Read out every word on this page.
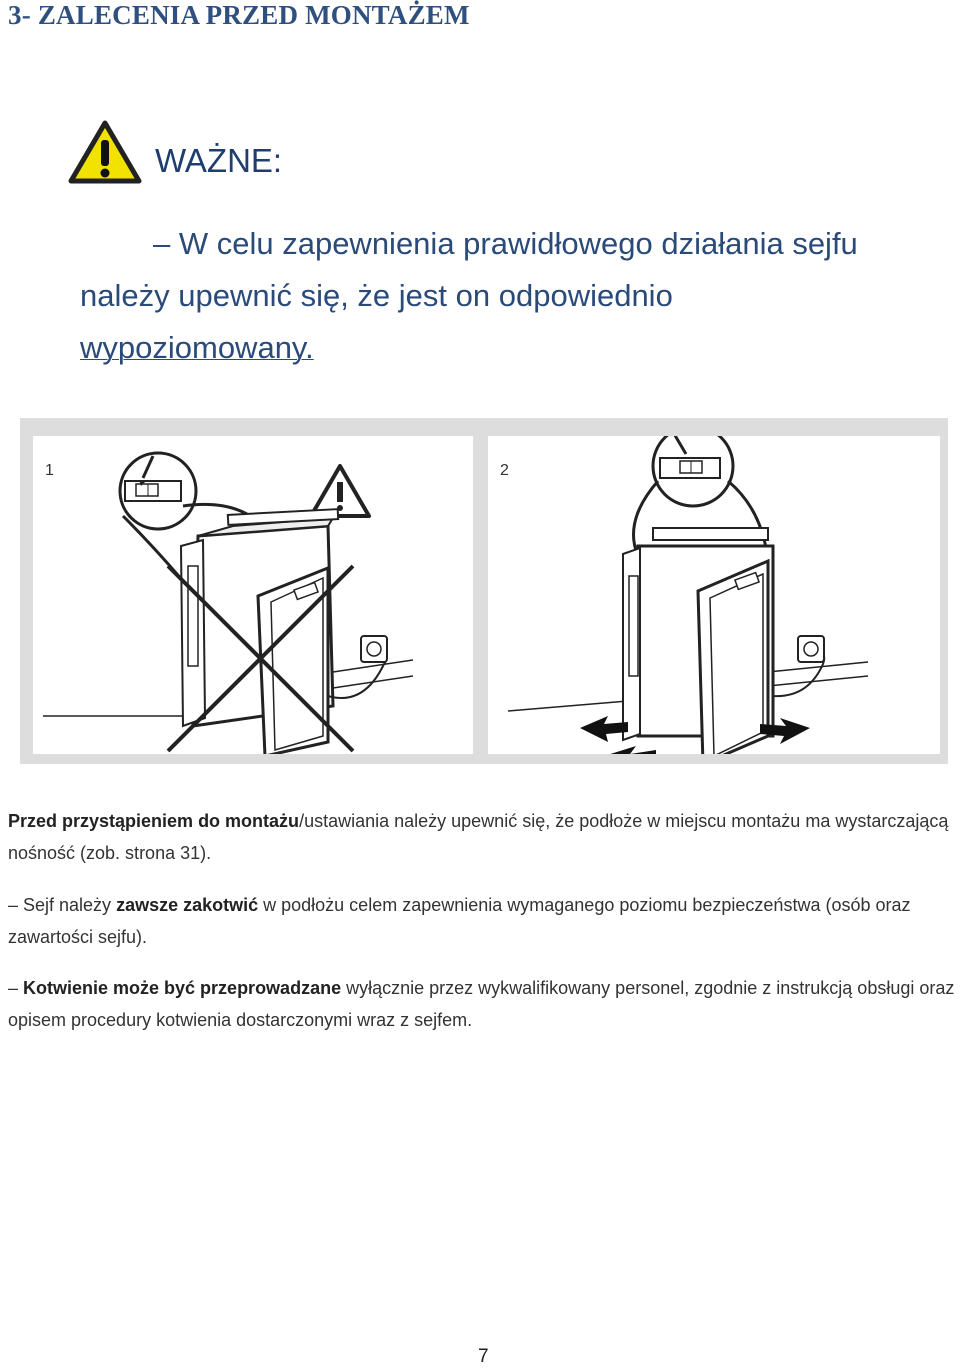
3- ZALECENIA PRZED MONTAŻEM
WAŻNE:
– W celu zapewnienia prawidłowego działania sejfu
należy upewnić się, że jest on odpowiednio
wypoziomowany.
1	2
Przed przystąpieniem do montażu/ustawiania należy upewnić się, że podłoże w miejscu montażu ma wystarczającą nośność (zob. strona 31).
– Sejf należy zawsze zakotwić w podłożu celem zapewnienia wymaganego poziomu bezpieczeństwa (osób oraz zawartości sejfu).
– Kotwienie może być przeprowadzane wyłącznie przez wykwalifikowany personel, zgodnie z instrukcją obsługi oraz opisem procedury kotwienia dostarczonymi wraz z sejfem.
7
